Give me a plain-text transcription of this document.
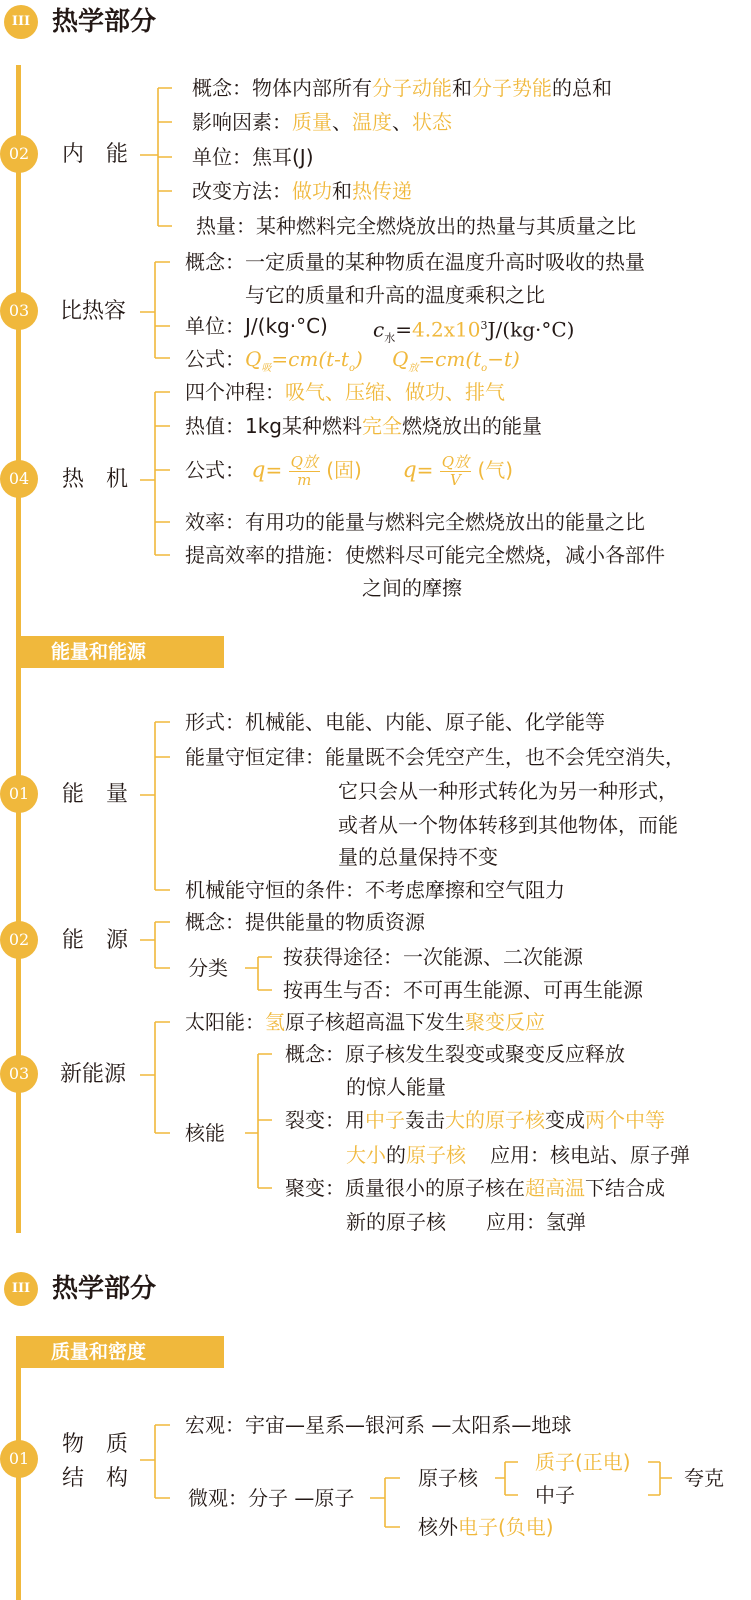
III 热学部分
02	内　能
概念：物体内部所有分子动能和分子势能的总和
影响因素：质量、温度、状态
单位：焦耳(J)
改变方法：做功和热传递
热量：某种燃料完全燃烧放出的热量与其质量之比
03	比热容
概念：一定质量的某种物质在温度升高时吸收的热量
与它的质量和升高的温度乘积之比
单位：J/(kg·°C) $c_水=4.2x10^3J/(kg\cdot^\circ C)$
公式：$Q_吸=cm(t-t_o)$ $Q_放=cm(t_o-t)$
04	热　机
四个冲程：吸气、压缩、做功、排气
热值：1kg某种燃料完全燃烧放出的能量
公式： $q= \frac{\text{Q放}}{m}$ (固) $q= \frac{\text{Q放}}{V}$ (气)
效率：有用功的能量与燃料完全燃烧放出的能量之比
提高效率的措施：使燃料尽可能完全燃烧，减小各部件
之间的摩擦
能量和能源
01	能　量
形式：机械能、电能、内能、原子能、化学能等
能量守恒定律：能量既不会凭空产生，也不会凭空消失，
它只会从一种形式转化为另一种形式，
或者从一个物体转移到其他物体，而能
量的总量保持不变
机械能守恒的条件：不考虑摩擦和空气阻力
02	能　源
概念：提供能量的物质资源
分类	按获得途径：一次能源、二次能源
按再生与否：不可再生能源、可再生能源
03	新能源
太阳能：氢原子核超高温下发生聚变反应
核能
概念：原子核发生裂变或聚变反应释放
的惊人能量
裂变：用中子轰击大的原子核变成两个中等
大小的原子核 应用：核电站、原子弹
聚变：质量很小的原子核在超高温下结合成
新的原子核　　应用：氢弹
III 热学部分
质量和密度
01
物　质
结　构
宏观：宇宙—星系—银河系 —太阳系—地球
微观：分子 —原子
原子核
质子(正电)
中子
夸克
核外电子(负电)
